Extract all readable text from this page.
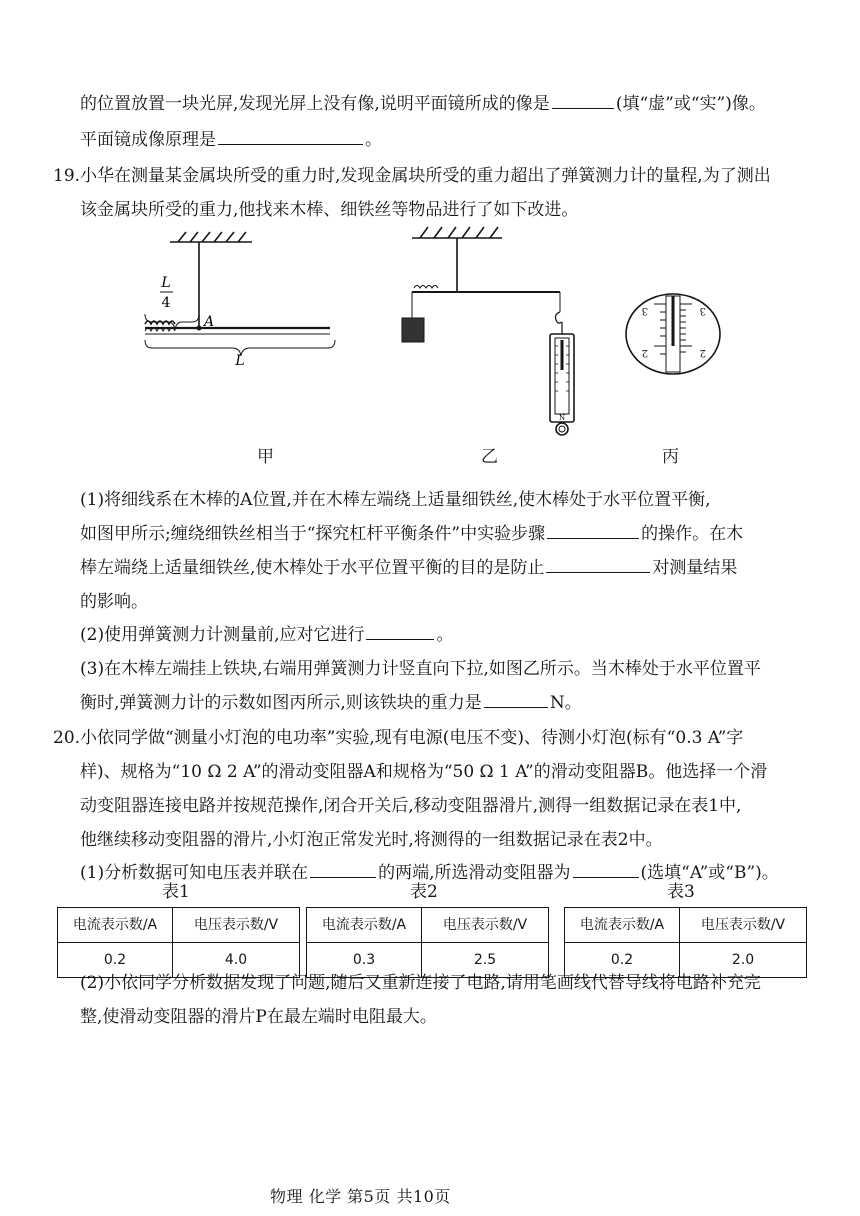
的位置放置一块光屏,发现光屏上没有像,说明平面镜所成的像是	(填“虚”或“实”)像。
平面镜成像原理是	。
19. 小华在测量某金属块所受的重力时,发现金属块所受的重力超出了弹簧测力计的量程,为了测出
该金属块所受的重力,他找来木棒、细铁丝等物品进行了如下改进。
L
4
A
L
N
3	3
2	2
甲	乙	丙
(1)将细线系在木棒的A位置,并在木棒左端绕上适量细铁丝,使木棒处于水平位置平衡,
如图甲所示;缠绕细铁丝相当于“探究杠杆平衡条件”中实验步骤	的操作。在木
棒左端绕上适量细铁丝,使木棒处于水平位置平衡的目的是防止	对测量结果
的影响。
(2)使用弹簧测力计测量前,应对它进行	。
(3)在木棒左端挂上铁块,右端用弹簧测力计竖直向下拉,如图乙所示。当木棒处于水平位置平
衡时,弹簧测力计的示数如图丙所示,则该铁块的重力是	N。
20. 小依同学做“测量小灯泡的电功率”实验,现有电源(电压不变)、待测小灯泡(标有“0.3 A”字
样)、规格为“10 Ω 2 A”的滑动变阻器A和规格为“50 Ω 1 A”的滑动变阻器B。他选择一个滑
动变阻器连接电路并按规范操作,闭合开关后,移动变阻器滑片,测得一组数据记录在表1中,
他继续移动变阻器的滑片,小灯泡正常发光时,将测得的一组数据记录在表2中。
(1)分析数据可知电压表并联在	的两端,所选滑动变阻器为	(选填“A”或“B”)。
表1	表2	表3
电流表示数/A	电压表示数/V
0.2	4.0
电流表示数/A	电压表示数/V
0.3	2.5
电流表示数/A	电压表示数/V
0.2	2.0
(2)小依同学分析数据发现了问题,随后又重新连接了电路,请用笔画线代替导线将电路补充完
整,使滑动变阻器的滑片P在最左端时电阻最大。
物理 化学 第5页 共10页
